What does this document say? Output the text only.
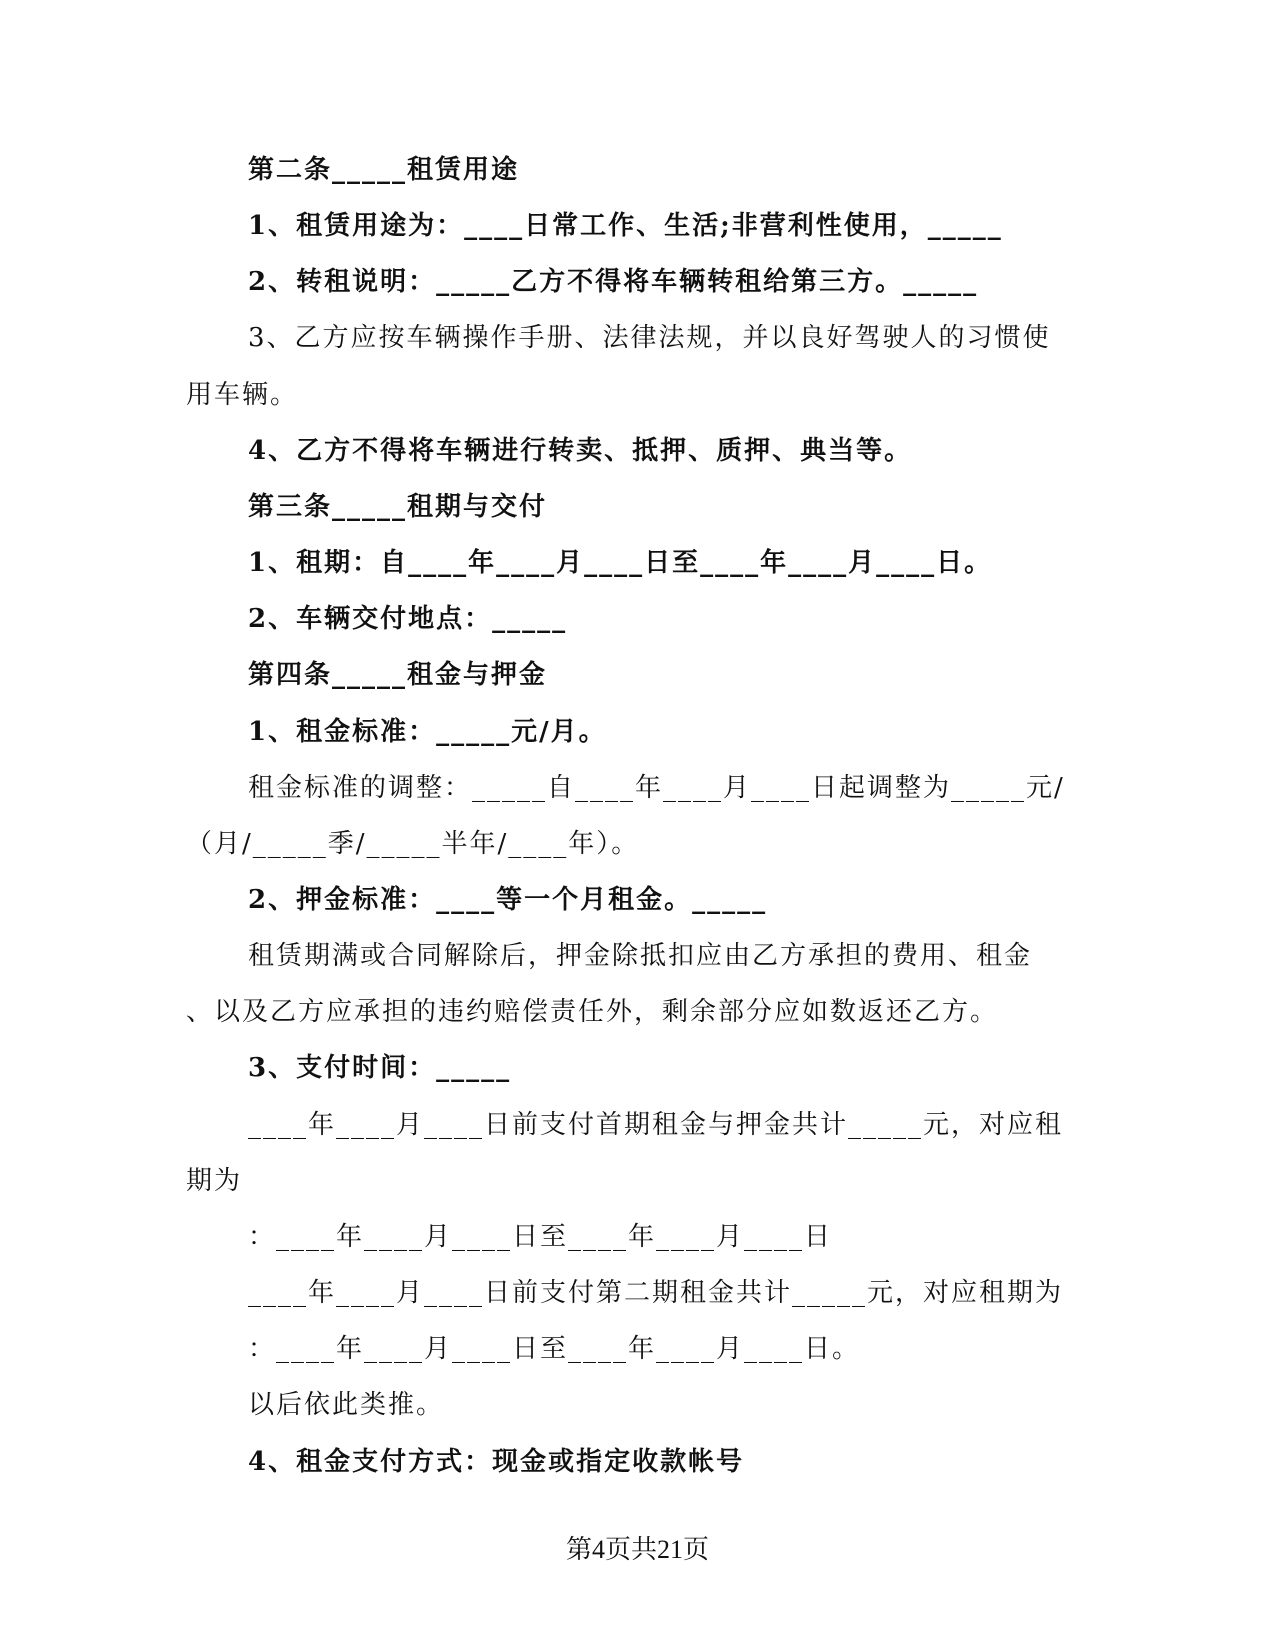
第二条_____租赁用途
1、租赁用途为：____日常工作、生活;非营利性使用，_____
2、转租说明：_____乙方不得将车辆转租给第三方。_____
3、乙方应按车辆操作手册、法律法规，并以良好驾驶人的习惯使
用车辆。
4、乙方不得将车辆进行转卖、抵押、质押、典当等。
第三条_____租期与交付
1、租期：自____年____月____日至____年____月____日。
2、车辆交付地点：_____
第四条_____租金与押金
1、租金标准：_____元/月。
租金标准的调整：_____自____年____月____日起调整为_____元/
（月/_____季/_____半年/____年）。
2、押金标准：____等一个月租金。_____
租赁期满或合同解除后，押金除抵扣应由乙方承担的费用、租金
、以及乙方应承担的违约赔偿责任外，剩余部分应如数返还乙方。
3、支付时间：_____
____年____月____日前支付首期租金与押金共计_____元，对应租
期为
：____年____月____日至____年____月____日
____年____月____日前支付第二期租金共计_____元，对应租期为
：____年____月____日至____年____月____日。
以后依此类推。
4、租金支付方式：现金或指定收款帐号
第4页共21页
